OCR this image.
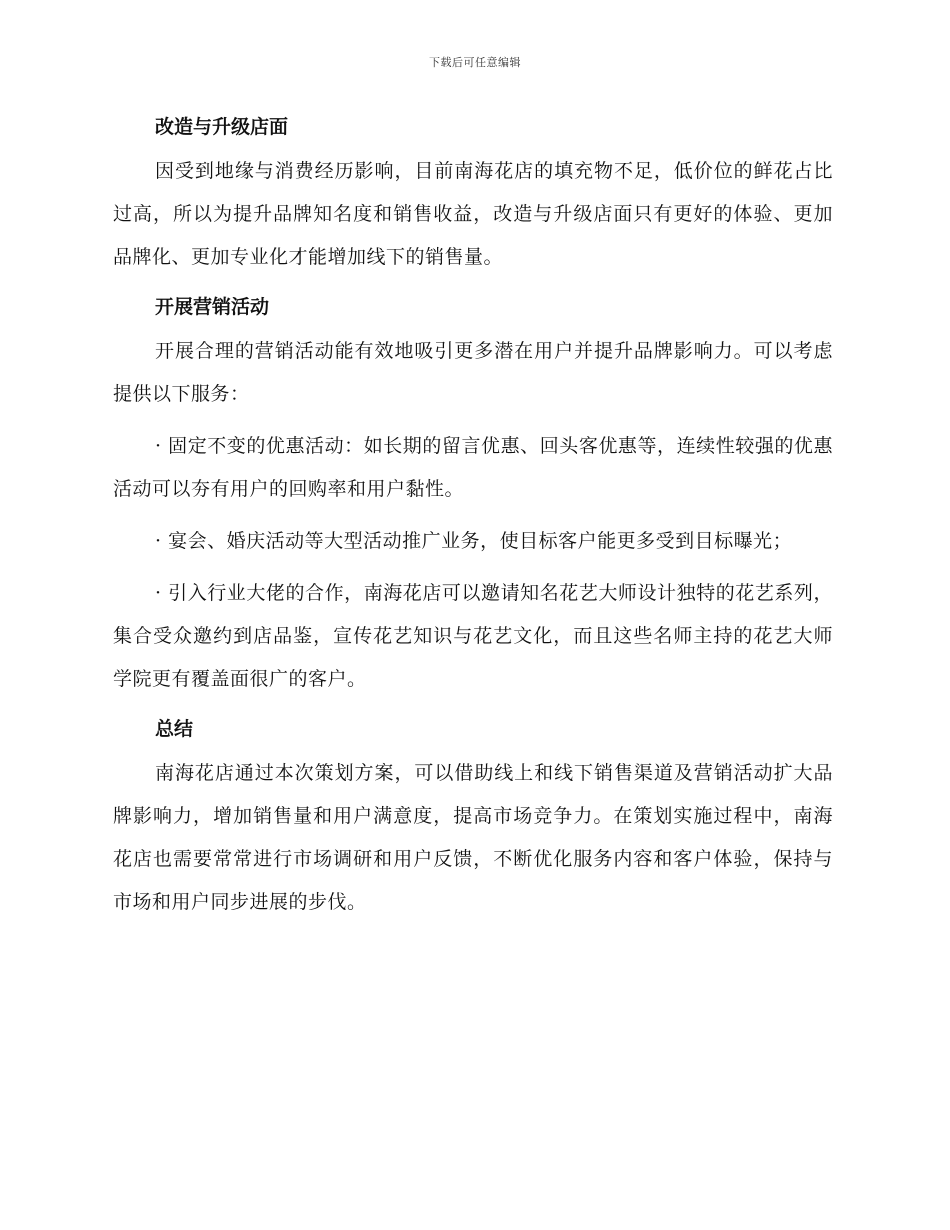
下载后可任意编辑
改造与升级店面

因受到地缘与消费经历影响，目前南海花店的填充物不足，低价位的鲜花占比过高，所以为提升品牌知名度和销售收益，改造与升级店面只有更好的体验、更加品牌化、更加专业化才能增加线下的销售量。

开展营销活动

开展合理的营销活动能有效地吸引更多潜在用户并提升品牌影响力。可以考虑提供以下服务：

· 固定不变的优惠活动：如长期的留言优惠、回头客优惠等，连续性较强的优惠活动可以夯有用户的回购率和用户黏性。

· 宴会、婚庆活动等大型活动推广业务，使目标客户能更多受到目标曝光；

· 引入行业大佬的合作，南海花店可以邀请知名花艺大师设计独特的花艺系列，集合受众邀约到店品鉴，宣传花艺知识与花艺文化，而且这些名师主持的花艺大师学院更有覆盖面很广的客户。

总结

南海花店通过本次策划方案，可以借助线上和线下销售渠道及营销活动扩大品牌影响力，增加销售量和用户满意度，提高市场竞争力。在策划实施过程中，南海花店也需要常常进行市场调研和用户反馈，不断优化服务内容和客户体验，保持与市场和用户同步进展的步伐。
